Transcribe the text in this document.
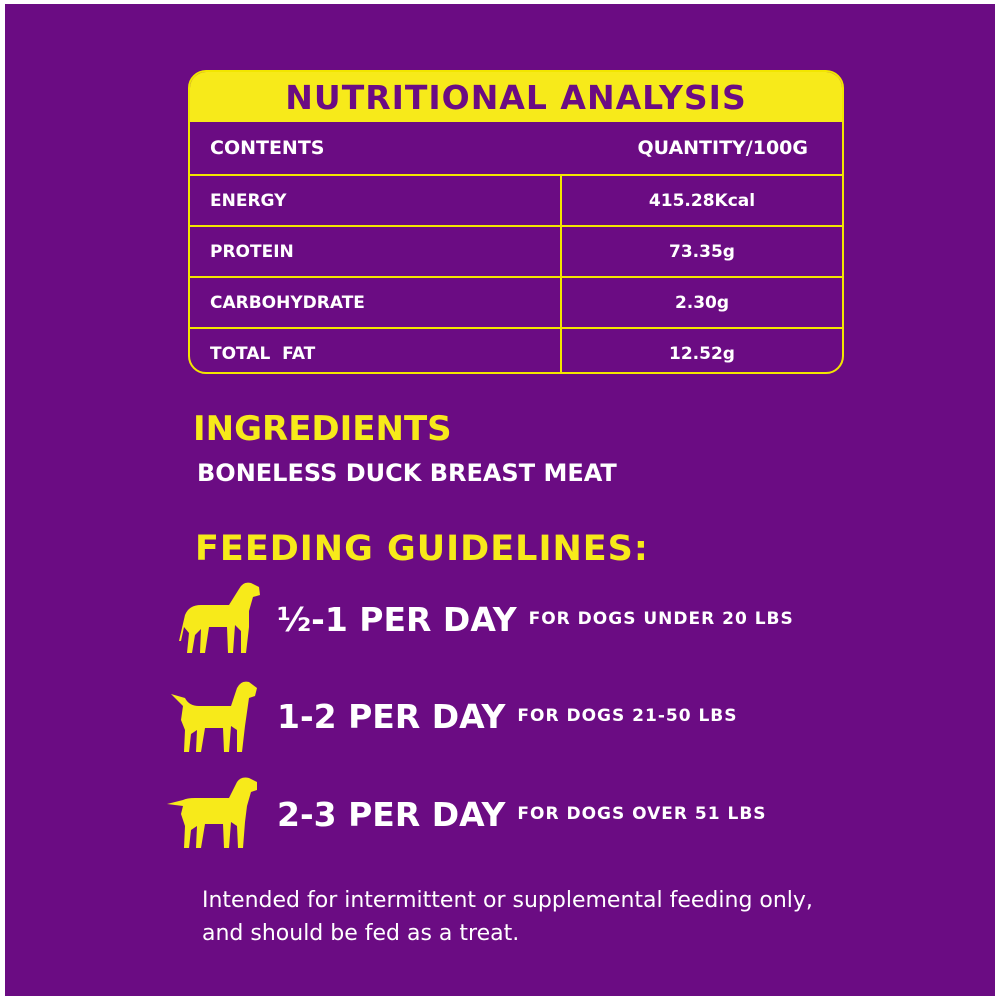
NUTRITIONAL ANALYSIS
CONTENTS	QUANTITY/100G
ENERGY	415.28Kcal
PROTEIN	73.35g
CARBOHYDRATE	2.30g
TOTAL  FAT	12.52g
INGREDIENTS

BONELESS DUCK BREAST MEAT

FEEDING GUIDELINES:
½-1 PER DAY FOR DOGS UNDER 20 LBS
1-2 PER DAY FOR DOGS 21-50 LBS
2-3 PER DAY FOR DOGS OVER 51 LBS

Intended for intermittent or supplemental feeding only, and should be fed as a treat.
